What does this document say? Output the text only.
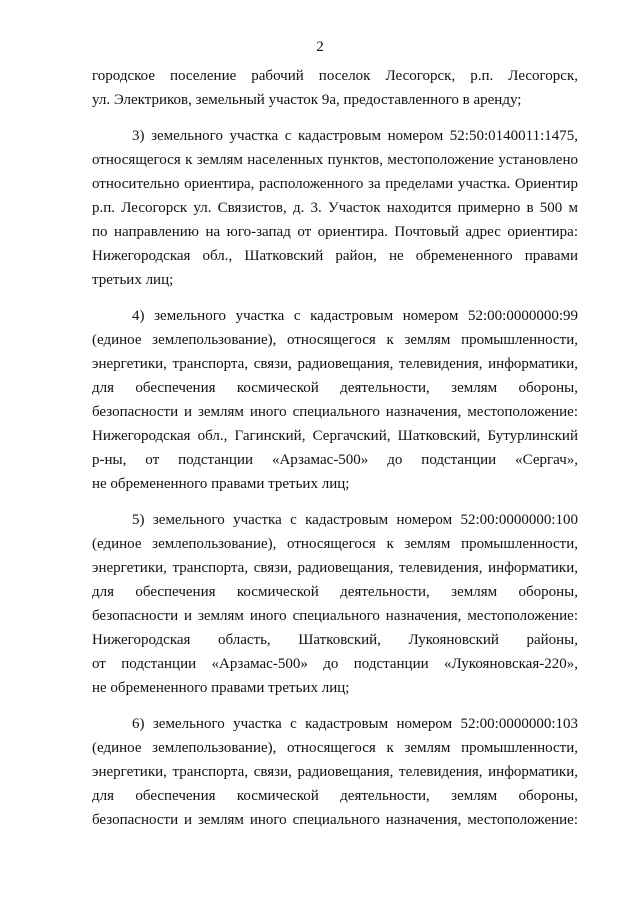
2
городское поселение рабочий поселок Лесогорск, р.п. Лесогорск,
ул. Электриков, земельный участок 9а, предоставленного в аренду;
3) земельного участка с кадастровым номером 52:50:0140011:1475,
относящегося к землям населенных пунктов, местоположение установлено
относительно ориентира, расположенного за пределами участка. Ориентир
р.п. Лесогорск ул. Связистов, д. 3. Участок находится примерно в 500 м
по направлению на юго-запад от ориентира. Почтовый адрес ориентира:
Нижегородская обл., Шатковский район, не обремененного правами
третьих лиц;
4) земельного участка с кадастровым номером 52:00:0000000:99
(единое землепользование), относящегося к землям промышленности,
энергетики, транспорта, связи, радиовещания, телевидения, информатики,
для обеспечения космической деятельности, землям обороны,
безопасности и землям иного специального назначения, местоположение:
Нижегородская обл., Гагинский, Сергачский, Шатковский, Бутурлинский
р-ны, от подстанции «Арзамас-500» до подстанции «Сергач»,
не обремененного правами третьих лиц;
5) земельного участка с кадастровым номером 52:00:0000000:100
(единое землепользование), относящегося к землям промышленности,
энергетики, транспорта, связи, радиовещания, телевидения, информатики,
для обеспечения космической деятельности, землям обороны,
безопасности и землям иного специального назначения, местоположение:
Нижегородская область, Шатковский, Лукояновский районы,
от подстанции «Арзамас-500» до подстанции «Лукояновская-220»,
не обремененного правами третьих лиц;
6) земельного участка с кадастровым номером 52:00:0000000:103
(единое землепользование), относящегося к землям промышленности,
энергетики, транспорта, связи, радиовещания, телевидения, информатики,
для обеспечения космической деятельности, землям обороны,
безопасности и землям иного специального назначения, местоположение:
